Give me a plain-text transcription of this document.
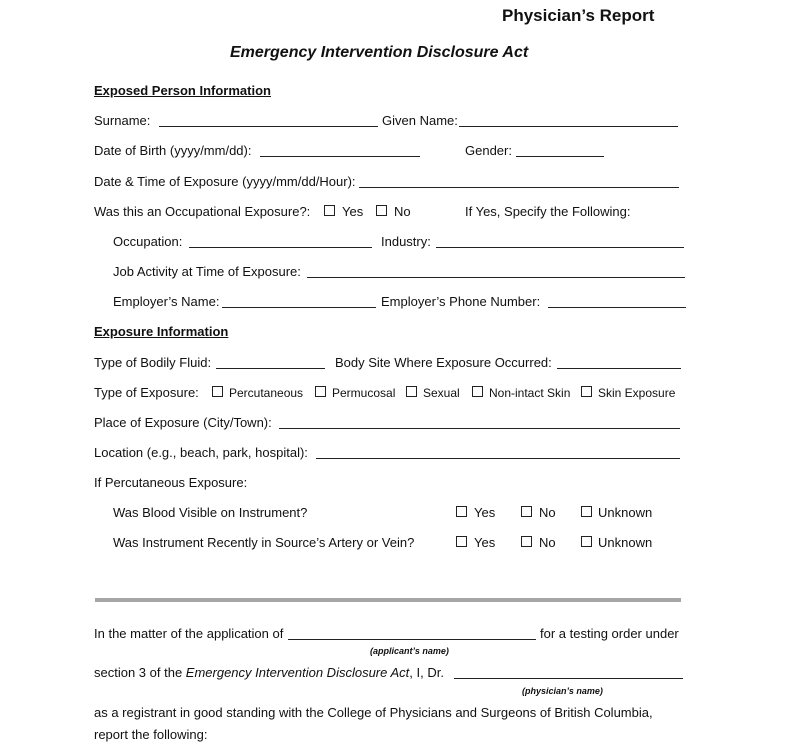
Physician’s Report
Emergency Intervention Disclosure Act
Exposed Person Information
Surname:	Given Name:
Date of Birth (yyyy/mm/dd):	Gender:
Date & Time of Exposure (yyyy/mm/dd/Hour):
Was this an Occupational Exposure?: Yes No	If Yes, Specify the Following:
Occupation:	Industry:
Job Activity at Time of Exposure:
Employer’s Name:	Employer’s Phone Number:
Exposure Information
Type of Bodily Fluid:	Body Site Where Exposure Occurred:
Type of Exposure:	Percutaneous Permucosal Sexual Non-intact Skin Skin Exposure
Place of Exposure (City/Town):
Location (e.g., beach, park, hospital):
If Percutaneous Exposure:
Was Blood Visible on Instrument?	Yes	No	Unknown
Was Instrument Recently in Source’s Artery or Vein?	Yes	No	Unknown
In the matter of the application of	for a testing order under
(applicant’s name)
section 3 of the Emergency Intervention Disclosure Act, I, Dr.
(physician’s name)
as a registrant in good standing with the College of Physicians and Surgeons of British Columbia,
report the following:
